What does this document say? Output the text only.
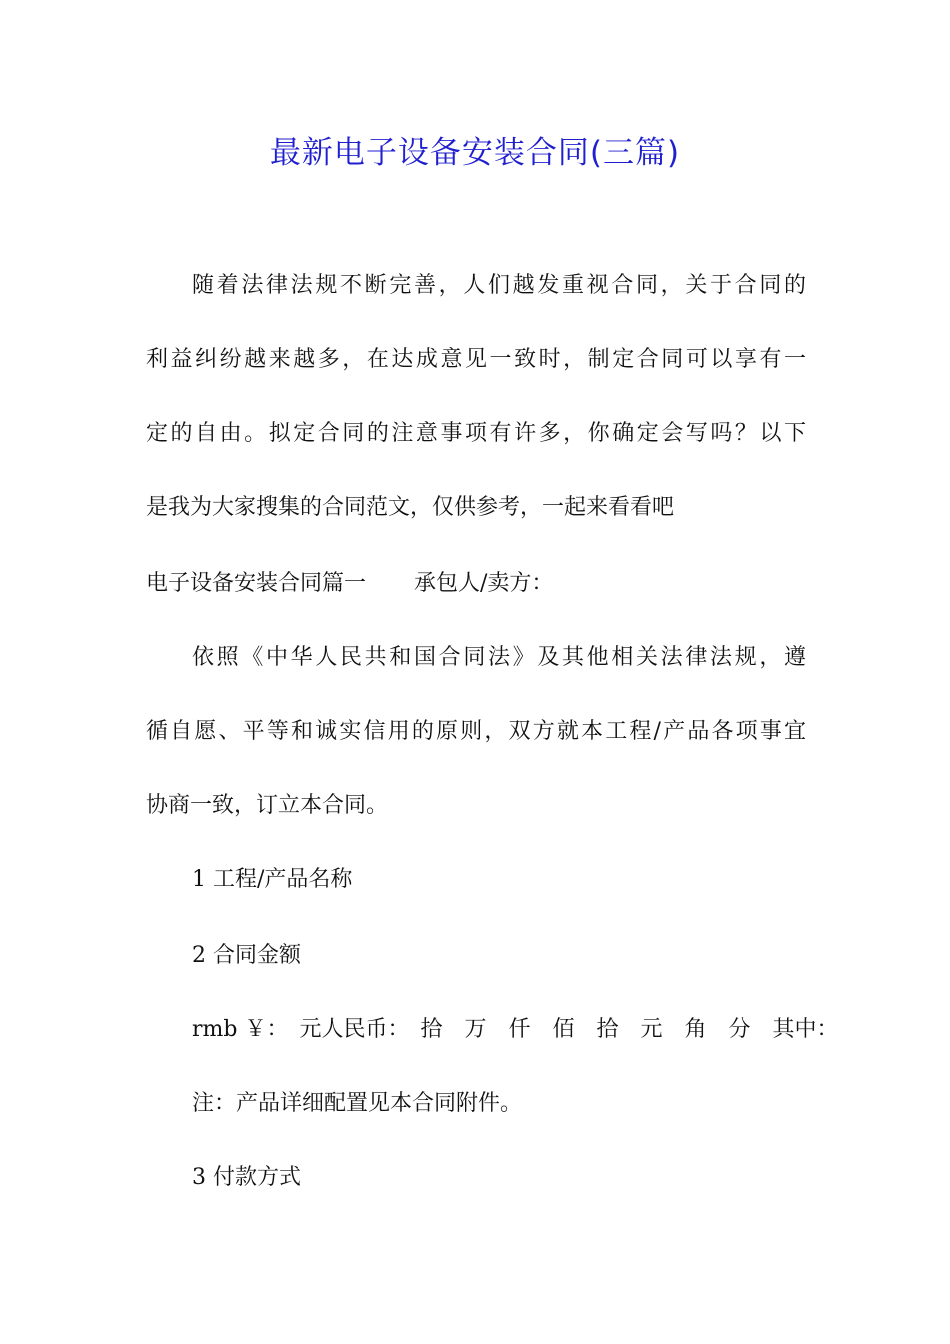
最新电子设备安装合同(三篇)

随着法律法规不断完善，人们越发重视合同，关于合同的

利益纠纷越来越多，在达成意见一致时，制定合同可以享有一

定的自由。拟定合同的注意事项有许多，你确定会写吗？以下

是我为大家搜集的合同范文，仅供参考，一起来看看吧

电子设备安装合同篇一 承包人/卖方：

依照《中华人民共和国合同法》及其他相关法律法规，遵

循自愿、平等和诚实信用的原则，双方就本工程/产品各项事宜

协商一致，订立本合同。

1 工程/产品名称

2 合同金额

rmb ￥：　元人民币：　拾　万　仟　佰　拾　元　角　分　其中：

注：产品详细配置见本合同附件。

3 付款方式
